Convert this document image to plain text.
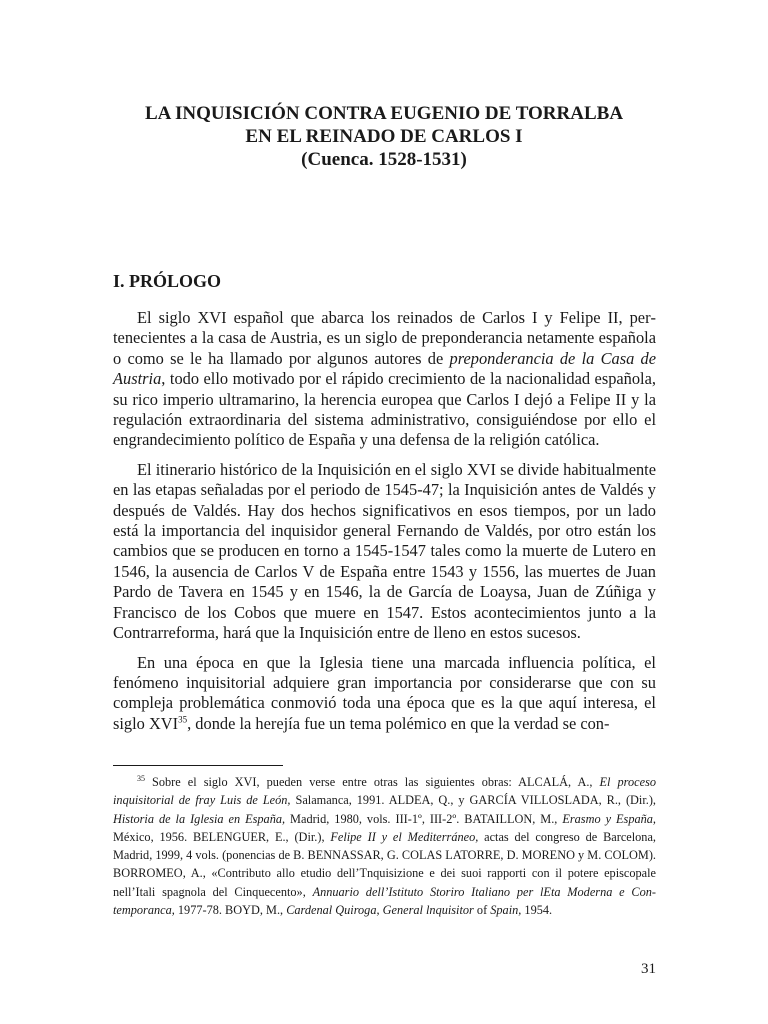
LA INQUISICIÓN CONTRA EUGENIO DE TORRALBA
EN EL REINADO DE CARLOS I
(Cuenca. 1528-1531)
I. PRÓLOGO

El siglo XVI español que abarca los reinados de Carlos I y Felipe II, pertenecientes a la casa de Austria, es un siglo de preponderancia netamente española o como se le ha llamado por algunos autores de preponderancia de la Casa de Austria, todo ello motivado por el rápido crecimiento de la nacionalidad española, su rico imperio ultramarino, la herencia europea que Carlos I dejó a Felipe II y la regulación extraordinaria del sistema administrativo, consiguiéndose por ello el engrandecimiento político de España y una defensa de la religión católica.

El itinerario histórico de la Inquisición en el siglo XVI se divide habitualmente en las etapas señaladas por el periodo de 1545-47; la Inquisición antes de Valdés y después de Valdés. Hay dos hechos significativos en esos tiempos, por un lado está la importancia del inquisidor general Fernando de Valdés, por otro están los cambios que se producen en torno a 1545-1547 tales como la muerte de Lutero en 1546, la ausencia de Carlos V de España entre 1543 y 1556, las muertes de Juan Pardo de Tavera en 1545 y en 1546, la de García de Loaysa, Juan de Zúñiga y Francisco de los Cobos que muere en 1547. Estos acontecimientos junto a la Contrarreforma, hará que la Inquisición entre de lleno en estos sucesos.

En una época en que la Iglesia tiene una marcada influencia política, el fenómeno inquisitorial adquiere gran importancia por considerarse que con su compleja problemática conmovió toda una época que es la que aquí interesa, el siglo XVI$^{35}$, donde la herejía fue un tema polémico en que la verdad se con-

$^{35}$ Sobre el siglo XVI, pueden verse entre otras las siguientes obras: ALCALÁ, A., El proceso inquisitorial de fray Luis de León, Salamanca, 1991. ALDEA, Q., y GARCÍA VILLOSLADA, R., (Dir.), Historia de la Iglesia en España, Madrid, 1980, vols. III-1º, III-2º. BATAILLON, M., Erasmo y España, México, 1956. BELENGUER, E., (Dir.), Felipe II y el Mediterráneo, actas del congreso de Barcelona, Madrid, 1999, 4 vols. (ponencias de B. BENNASSAR, G. COLAS LATORRE, D. MORENO y M. COLOM). BORROMEO, A., «Contributo allo etudio dell’Tnquisizione e dei suoi rapporti con il potere episcopale nell’Itali spagnola del Cinquecento», Annuario dell’Istituto Storiro Italiano per lEta Moderna e Contemporanca, 1977-78. BOYD, M., Cardenal Quiroga, General lnquisitor of Spain, 1954.
31
